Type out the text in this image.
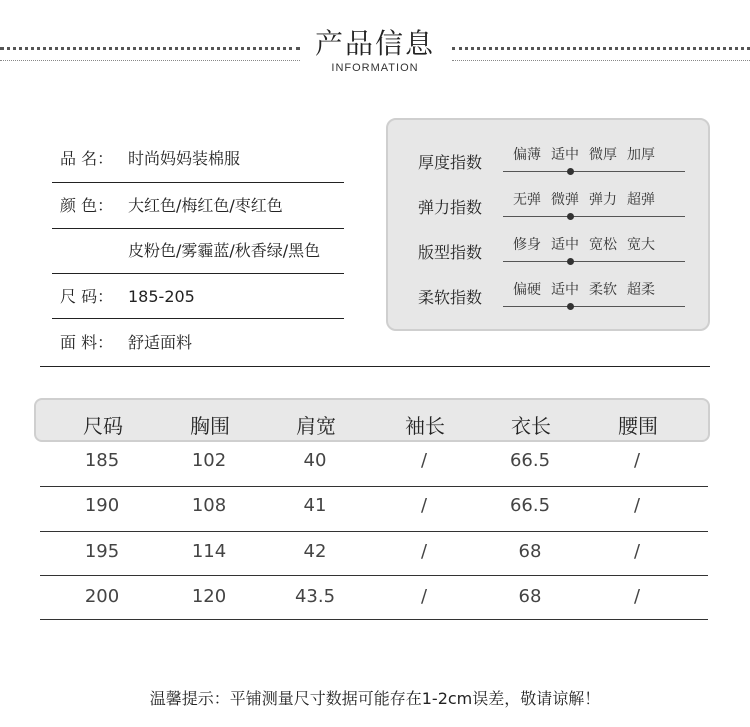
产品信息
INFORMATION
品 名： 时尚妈妈装棉服
颜 色： 大红色/梅红色/枣红色
皮粉色/雾霾蓝/秋香绿/黑色
尺 码： 185-205
面 料： 舒适面料
厚度指数 偏薄 适中 微厚 加厚
弹力指数 无弹 微弹 弹力 超弹
版型指数 修身 适中 宽松 宽大
柔软指数 偏硬 适中 柔软 超柔
尺码	胸围	肩宽	袖长	衣长	腰围
185	102	40	/	66.5	/
190	108	41	/	66.5	/
195	114	42	/	68	/
200	120	43.5	/	68	/
温馨提示：平铺测量尺寸数据可能存在1-2cm误差，敬请谅解！
